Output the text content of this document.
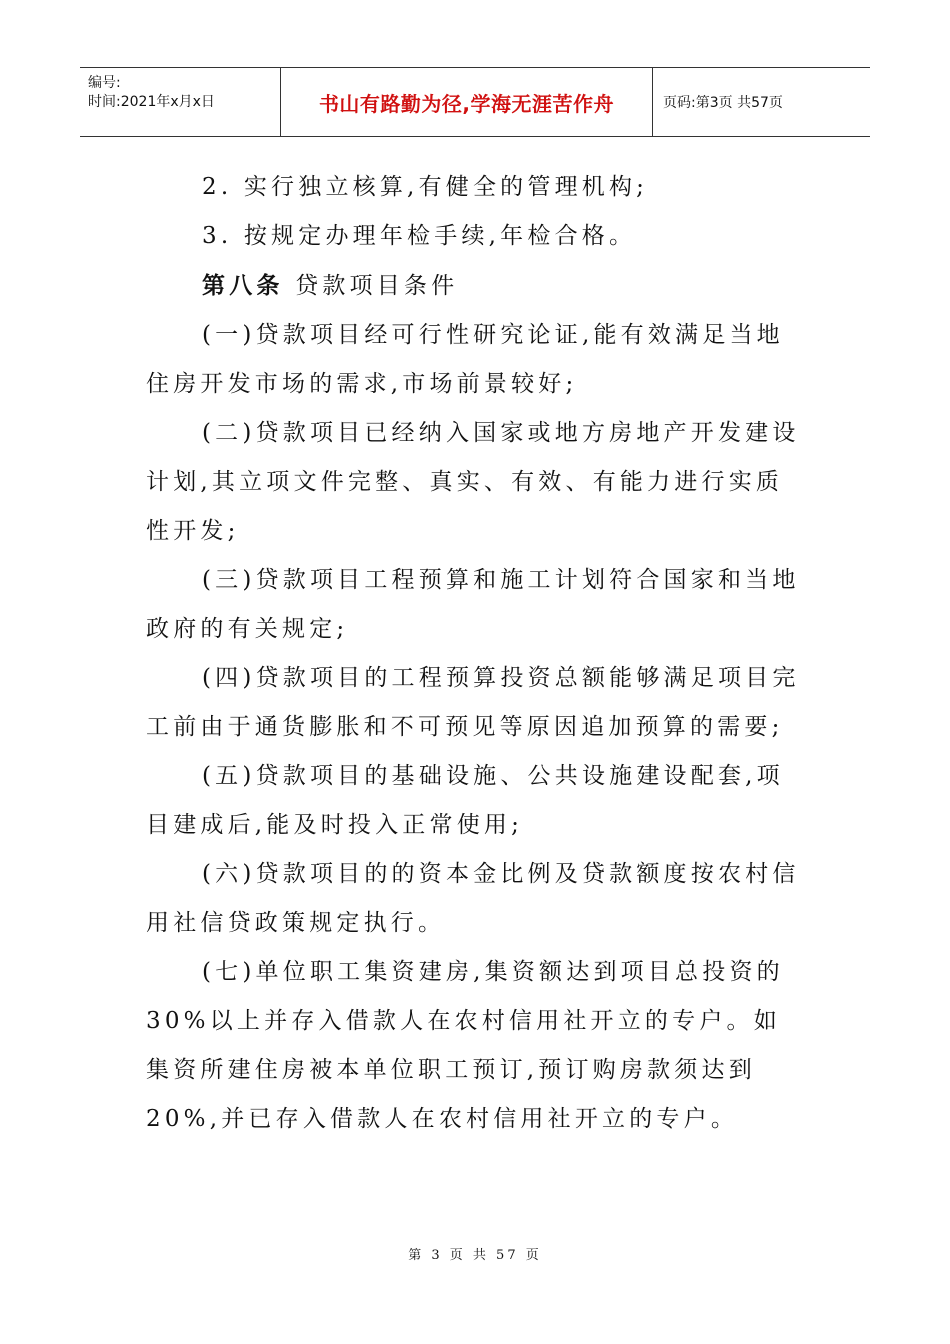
编号:
时间:2021年x月x日	书山有路勤为径,学海无涯苦作舟	页码:第3页 共57页

2. 实行独立核算,有健全的管理机构;

3. 按规定办理年检手续,年检合格。

第八条 贷款项目条件

(一)贷款项目经可行性研究论证,能有效满足当地住房开发市场的需求,市场前景较好;

(二)贷款项目已经纳入国家或地方房地产开发建设计划,其立项文件完整、真实、有效、有能力进行实质性开发;

(三)贷款项目工程预算和施工计划符合国家和当地政府的有关规定;

(四)贷款项目的工程预算投资总额能够满足项目完工前由于通货膨胀和不可预见等原因追加预算的需要;

(五)贷款项目的基础设施、公共设施建设配套,项目建成后,能及时投入正常使用;

(六)贷款项目的的资本金比例及贷款额度按农村信用社信贷政策规定执行。

(七)单位职工集资建房,集资额达到项目总投资的30%以上并存入借款人在农村信用社开立的专户。如集资所建住房被本单位职工预订,预订购房款须达到20%,并已存入借款人在农村信用社开立的专户。

第 3 页 共 57 页
